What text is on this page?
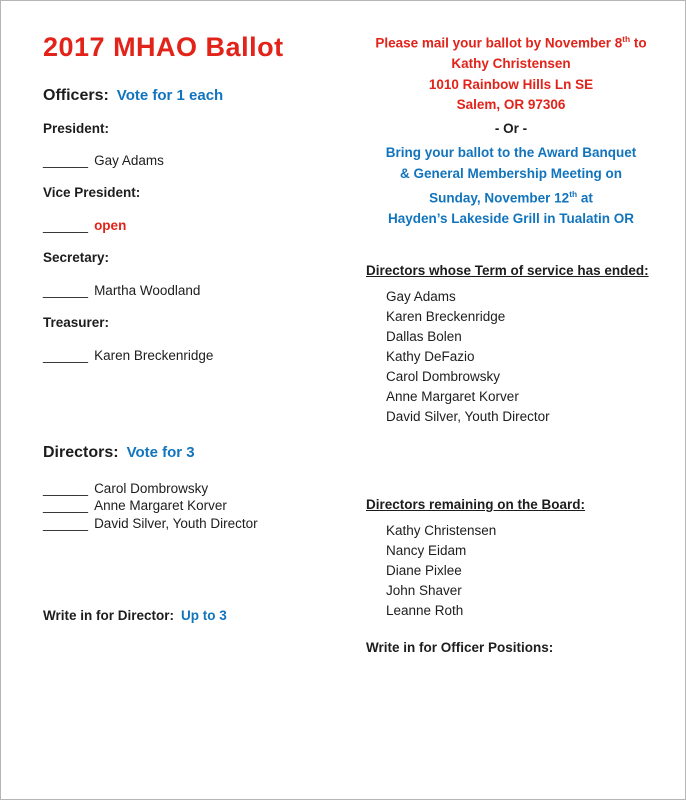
2017 MHAO Ballot
Officers: Vote for 1 each
President:
______ Gay Adams
Vice President:
______ open
Secretary:
______ Martha Woodland
Treasurer:
______ Karen Breckenridge
Directors: Vote for 3
______ Carol Dombrowsky
______ Anne Margaret Korver
______ David Silver, Youth Director
Write in for Director: Up to 3
Please mail your ballot by November 8th to
Kathy Christensen
1010 Rainbow Hills Ln SE
Salem, OR 97306
- Or -
Bring your ballot to the Award Banquet
& General Membership Meeting on
Sunday, November 12th at
Hayden’s Lakeside Grill in Tualatin OR
Directors whose Term of service has ended:
Gay Adams
Karen Breckenridge
Dallas Bolen
Kathy DeFazio
Carol Dombrowsky
Anne Margaret Korver
David Silver, Youth Director
Directors remaining on the Board:
Kathy Christensen
Nancy Eidam
Diane Pixlee
John Shaver
Leanne Roth
Write in for Officer Positions:
